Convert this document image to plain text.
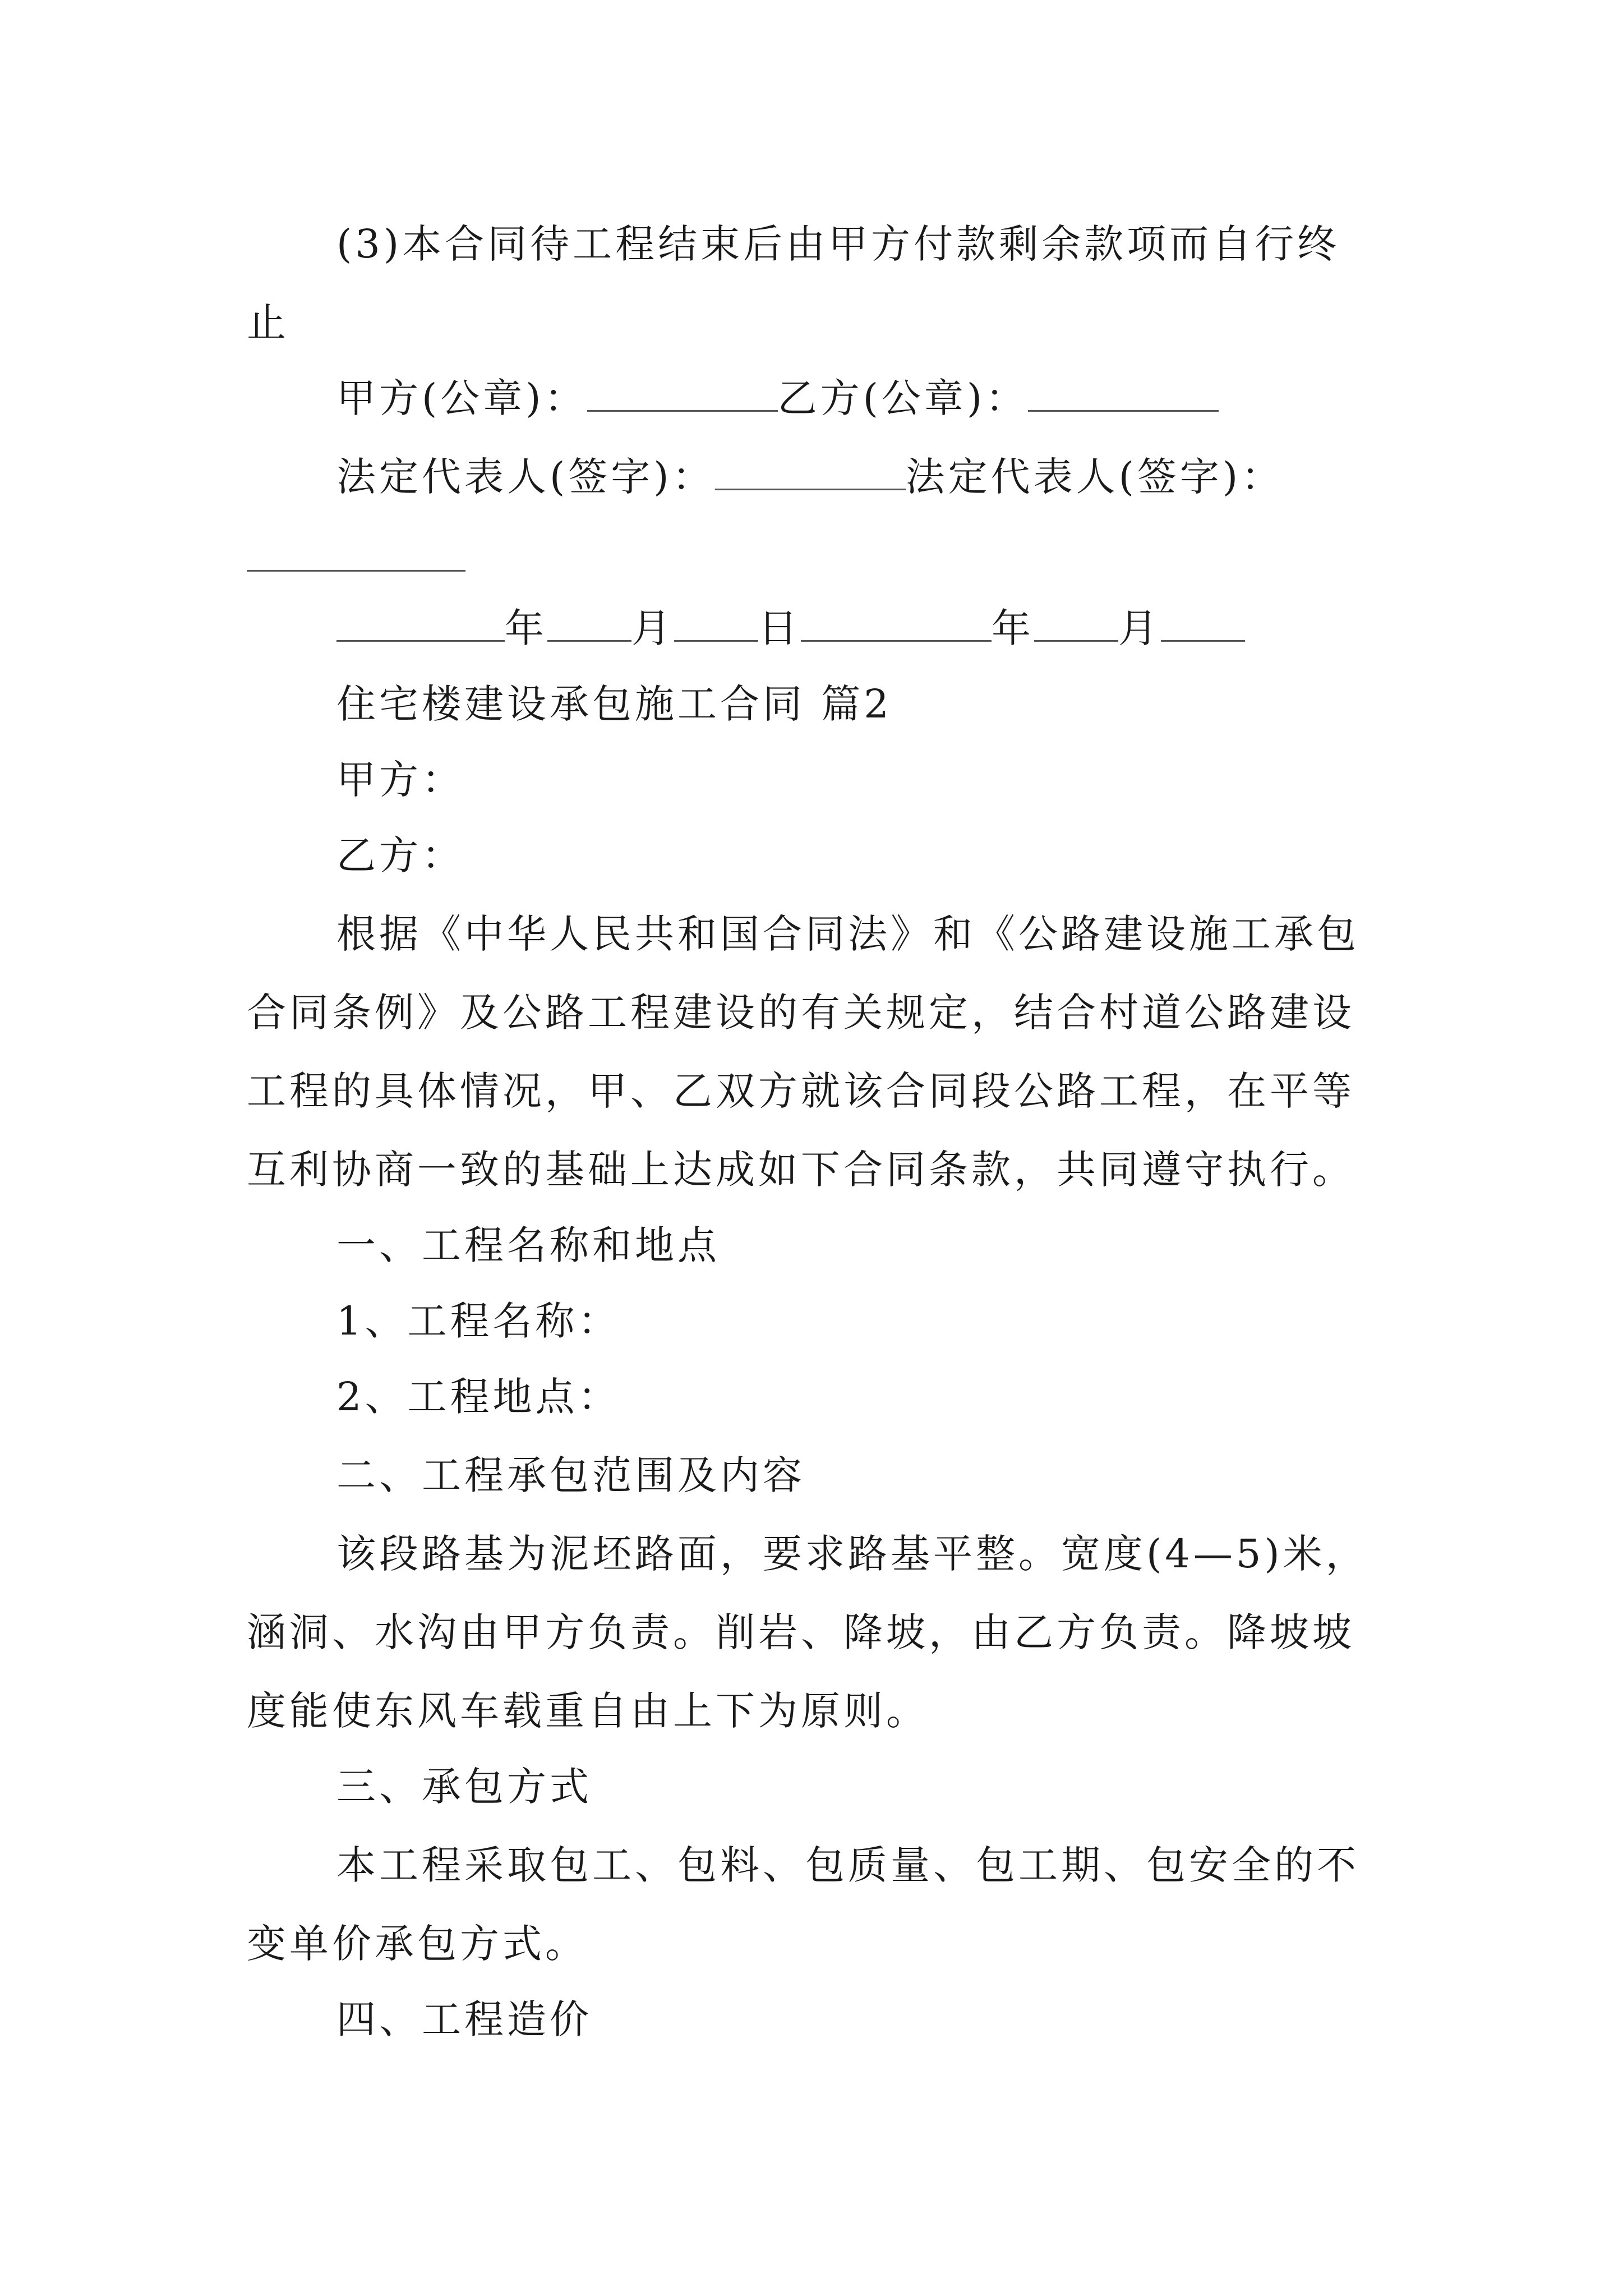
(3)本合同待工程结束后由甲方付款剩余款项而自行终
止
甲方(公章)：	乙方(公章)：
法定代表人(签字)：	法定代表人(签字)：
年 月 日	年 月
住宅楼建设承包施工合同 篇2
甲方：
乙方：
根据《中华人民共和国合同法》和《公路建设施工承包
合同条例》及公路工程建设的有关规定，结合村道公路建设
工程的具体情况，甲、乙双方就该合同段公路工程，在平等
互利协商一致的基础上达成如下合同条款，共同遵守执行。
一、工程名称和地点
1、工程名称：
2、工程地点：
二、工程承包范围及内容
该段路基为泥坯路面，要求路基平整。宽度(4—5)米，
涵洞、水沟由甲方负责。削岩、降坡，由乙方负责。降坡坡
度能使东风车载重自由上下为原则。
三、承包方式
本工程采取包工、包料、包质量、包工期、包安全的不
变单价承包方式。
四、工程造价
